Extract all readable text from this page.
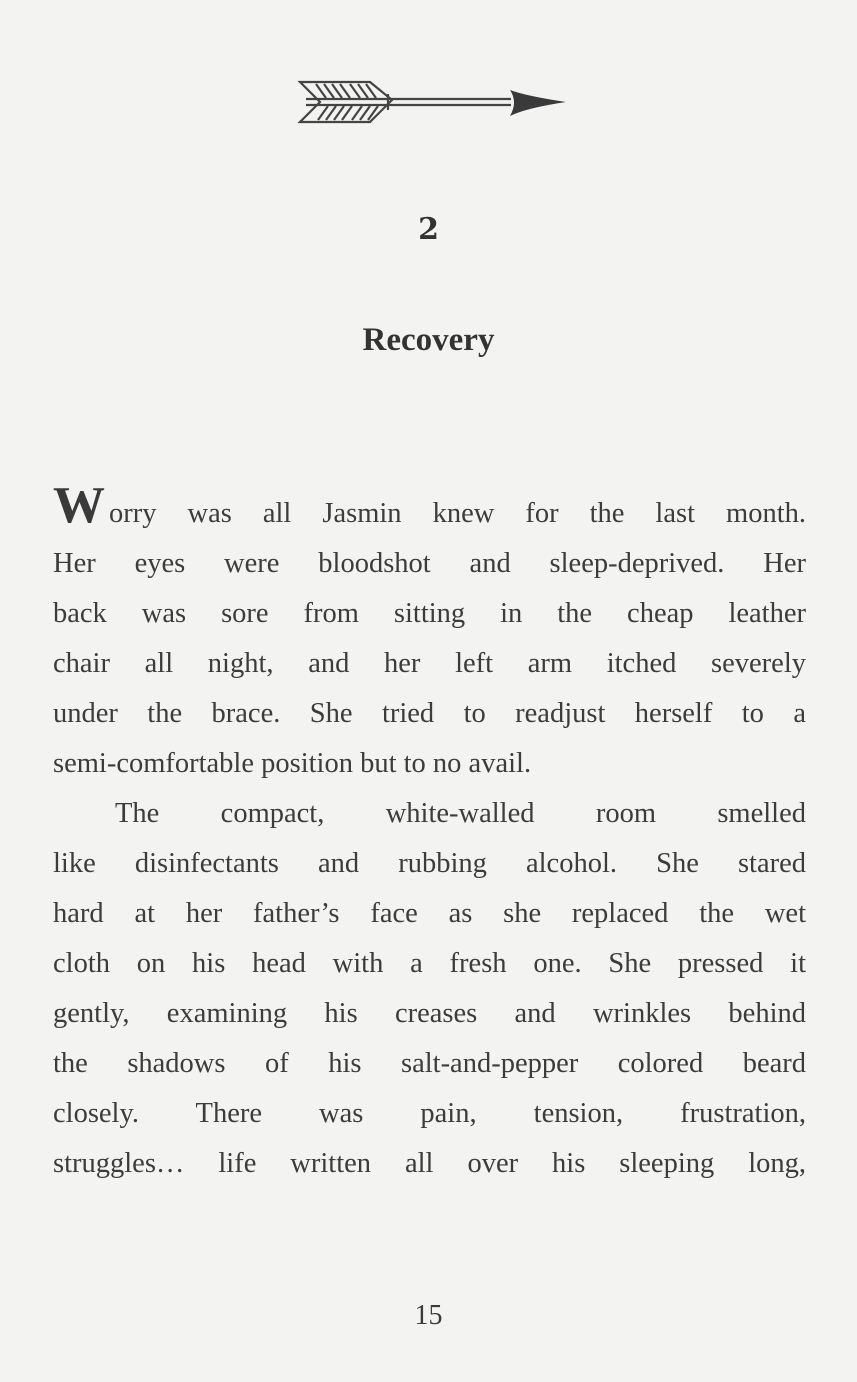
2
Recovery
Worry was all Jasmin knew for the last month.
Her eyes were bloodshot and sleep-deprived. Her
back was sore from sitting in the cheap leather
chair all night, and her left arm itched severely
under the brace. She tried to readjust herself to a
semi-comfortable position but to no avail.
The compact, white-walled room smelled
like disinfectants and rubbing alcohol. She stared
hard at her father’s face as she replaced the wet
cloth on his head with a fresh one. She pressed it
gently, examining his creases and wrinkles behind
the shadows of his salt-and-pepper colored beard
closely. There was pain, tension, frustration,
struggles… life written all over his sleeping long,
15
